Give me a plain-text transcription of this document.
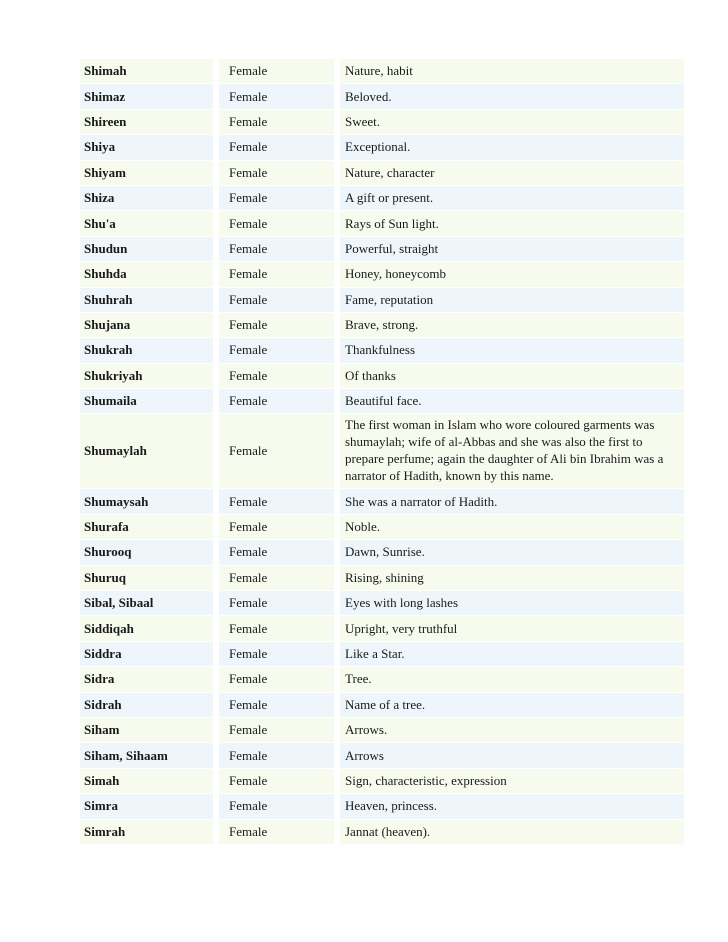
Shimah	Female	Nature, habit
Shimaz	Female	Beloved.
Shireen	Female	Sweet.
Shiya	Female	Exceptional.
Shiyam	Female	Nature, character
Shiza	Female	A gift or present.
Shu'a	Female	Rays of Sun light.
Shudun	Female	Powerful, straight
Shuhda	Female	Honey, honeycomb
Shuhrah	Female	Fame, reputation
Shujana	Female	Brave, strong.
Shukrah	Female	Thankfulness
Shukriyah	Female	Of thanks
Shumaila	Female	Beautiful face.
Shumaylah	Female	The first woman in Islam who wore coloured garments was shumaylah; wife of al-Abbas and she was also the first to prepare perfume; again the daughter of Ali bin Ibrahim was a narrator of Hadith, known by this name.
Shumaysah	Female	She was a narrator of Hadith.
Shurafa	Female	Noble.
Shurooq	Female	Dawn, Sunrise.
Shuruq	Female	Rising, shining
Sibal, Sibaal	Female	Eyes with long lashes
Siddiqah	Female	Upright, very truthful
Siddra	Female	Like a Star.
Sidra	Female	Tree.
Sidrah	Female	Name of a tree.
Siham	Female	Arrows.
Siham, Sihaam	Female	Arrows
Simah	Female	Sign, characteristic, expression
Simra	Female	Heaven, princess.
Simrah	Female	Jannat (heaven).
